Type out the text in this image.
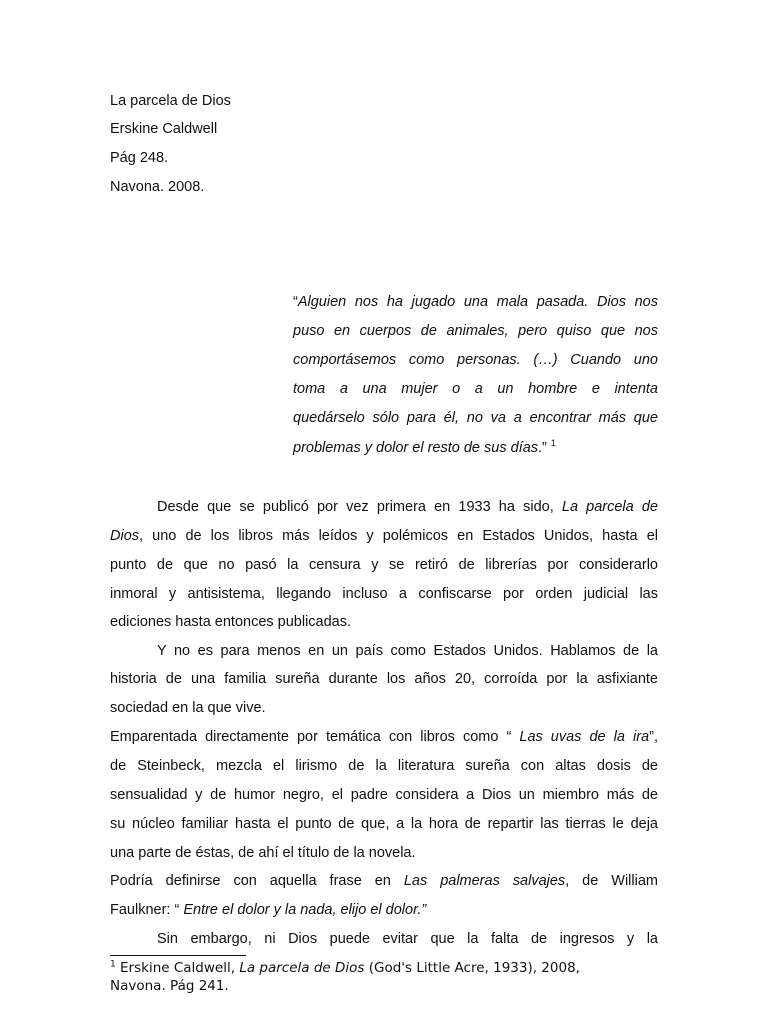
La parcela de Dios
Erskine Caldwell
Pág 248.
Navona. 2008.
“Alguien nos ha jugado una mala pasada. Dios nos
puso en cuerpos de animales, pero quiso que nos
comportásemos como personas. (…) Cuando uno
toma a una mujer o a un hombre e intenta
quedárselo sólo para él, no va a encontrar más que
problemas y dolor el resto de sus días.” $^1$
Desde que se publicó por vez primera en 1933 ha sido, La parcela de
Dios, uno de los libros más leídos y polémicos en Estados Unidos, hasta el
punto de que no pasó la censura y se retiró de librerías por considerarlo
inmoral y antisistema, llegando incluso a confiscarse por orden judicial las
ediciones hasta entonces publicadas.
Y no es para menos en un país como Estados Unidos. Hablamos de la
historia de una familia sureña durante los años 20, corroída por la asfixiante
sociedad en la que vive.
Emparentada directamente por temática con libros como “ Las uvas de la ira”,
de Steinbeck, mezcla el lirismo de la literatura sureña con altas dosis de
sensualidad y de humor negro, el padre considera a Dios un miembro más de
su núcleo familiar hasta el punto de que, a la hora de repartir las tierras le deja
una parte de éstas, de ahí el título de la novela.
Podría definirse con aquella frase en Las palmeras salvajes, de William
Faulkner: “ Entre el dolor y la nada, elijo el dolor.”
Sin embargo, ni Dios puede evitar que la falta de ingresos y la
$^1$ Erskine Caldwell, La parcela de Dios (God's Little Acre, 1933), 2008,
Navona. Pág 241.
